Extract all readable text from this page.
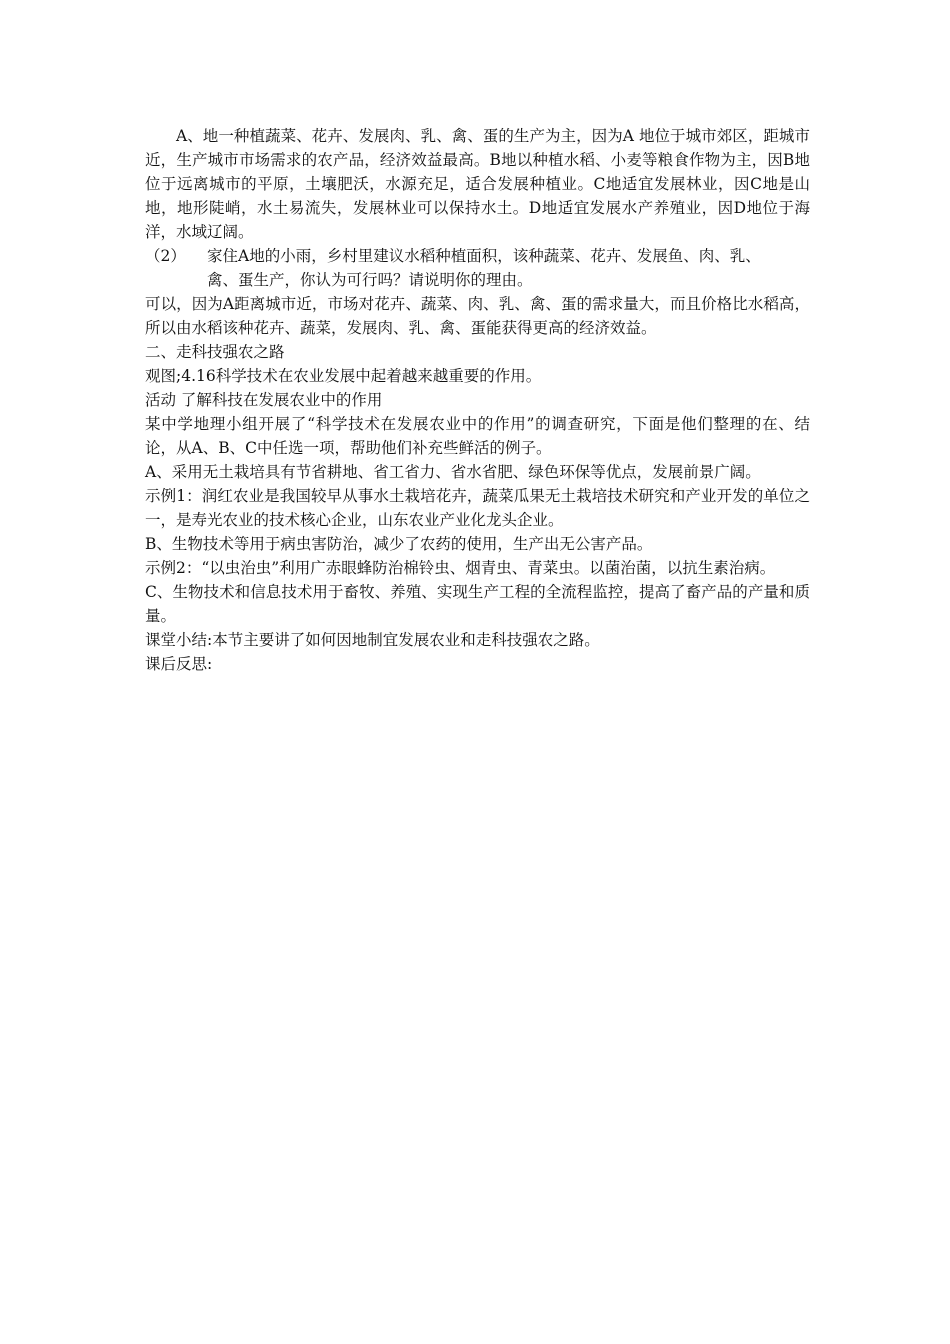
A、地一种植蔬菜、花卉、发展肉、乳、禽、蛋的生产为主，因为A 地位于城市郊区，距城市近，生产城市市场需求的农产品，经济效益最高。B地以种植水稻、小麦等粮食作物为主，因B地位于远离城市的平原，土壤肥沃，水源充足，适合发展种植业。C地适宜发展林业，因C地是山地，地形陡峭，水土易流失，发展林业可以保持水土。D地适宜发展水产养殖业，因D地位于海洋，水域辽阔。

（2）	家住A地的小雨，乡村里建议水稻种植面积，该种蔬菜、花卉、发展鱼、肉、乳、
禽、蛋生产，你认为可行吗？请说明你的理由。

可以，因为A距离城市近，市场对花卉、蔬菜、肉、乳、禽、蛋的需求量大，而且价格比水稻高，所以由水稻该种花卉、蔬菜，发展肉、乳、禽、蛋能获得更高的经济效益。

二、走科技强农之路

观图;4.16科学技术在农业发展中起着越来越重要的作用。

活动 了解科技在发展农业中的作用

某中学地理小组开展了“科学技术在发展农业中的作用”的调查研究，下面是他们整理的在、结论，从A、B、C中任选一项，帮助他们补充些鲜活的例子。

A、采用无土栽培具有节省耕地、省工省力、省水省肥、绿色环保等优点，发展前景广阔。

示例1：润红农业是我国较早从事水土栽培花卉，蔬菜瓜果无土栽培技术研究和产业开发的单位之一，是寿光农业的技术核心企业，山东农业产业化龙头企业。

B、生物技术等用于病虫害防治，减少了农药的使用，生产出无公害产品。

示例2：“以虫治虫”利用广赤眼蜂防治棉铃虫、烟青虫、青菜虫。以菌治菌，以抗生素治病。

C、生物技术和信息技术用于畜牧、养殖、实现生产工程的全流程监控，提高了畜产品的产量和质量。

课堂小结:本节主要讲了如何因地制宜发展农业和走科技强农之路。

课后反思:
